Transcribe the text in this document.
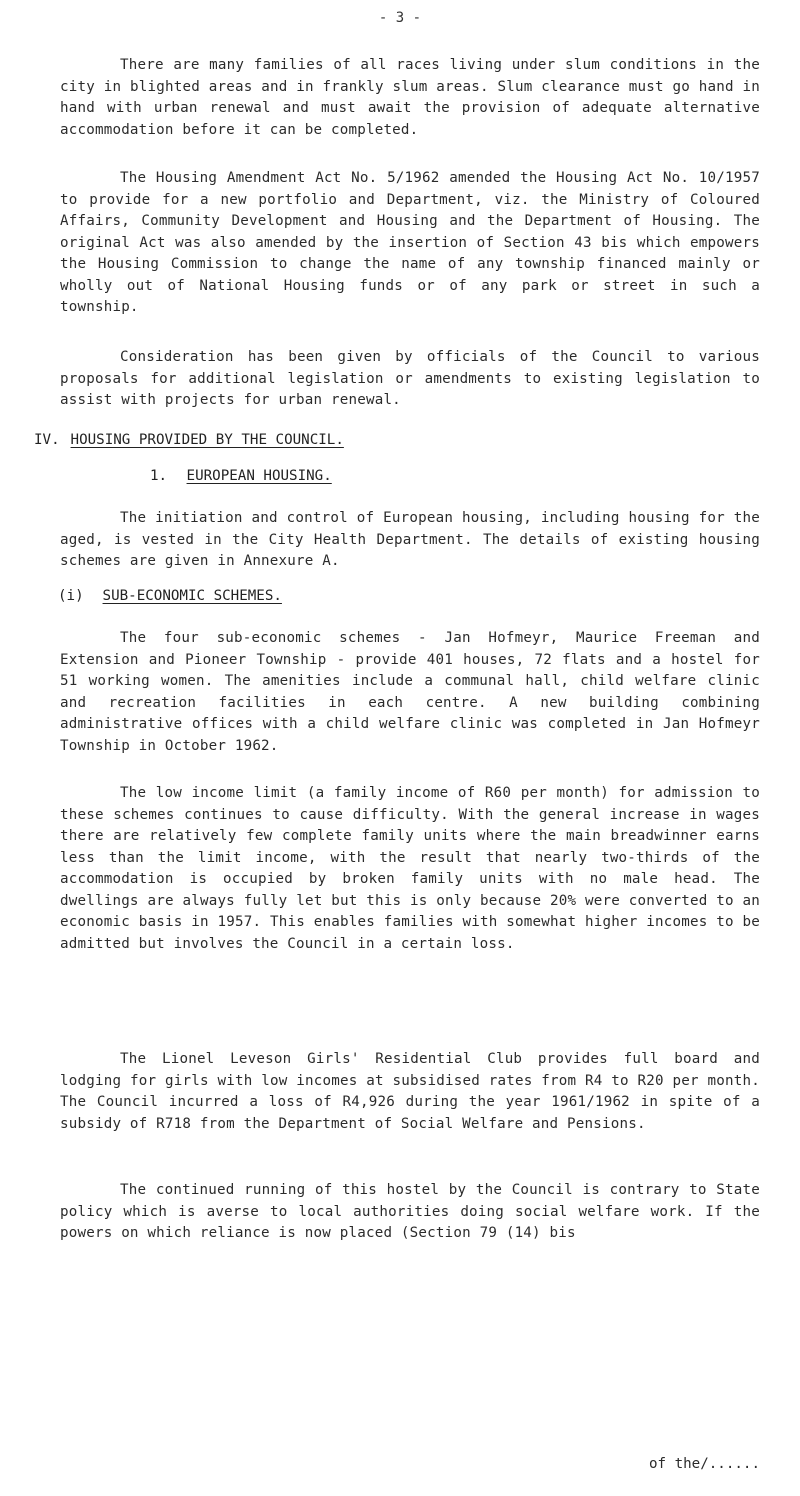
- 3 -

There are many families of all races living under slum conditions in the city in blighted areas and in frankly slum areas. Slum clearance must go hand in hand with urban renewal and must await the provision of adequate alternative accommodation before it can be completed.

The Housing Amendment Act No. 5/1962 amended the Housing Act No. 10/1957 to provide for a new portfolio and Department, viz. the Ministry of Coloured Affairs, Community Development and Housing and the Department of Housing. The original Act was also amended by the insertion of Section 43 bis which empowers the Housing Commission to change the name of any township financed mainly or wholly out of National Housing funds or of any park or street in such a township.

Consideration has been given by officials of the Council to various proposals for additional legislation or amendments to existing legislation to assist with projects for urban renewal.

IV. HOUSING PROVIDED BY THE COUNCIL.
1. EUROPEAN HOUSING.

The initiation and control of European housing, including housing for the aged, is vested in the City Health Department. The details of existing housing schemes are given in Annexure A.

(i) SUB-ECONOMIC SCHEMES.

The four sub-economic schemes - Jan Hofmeyr, Maurice Freeman and Extension and Pioneer Township - provide 401 houses, 72 flats and a hostel for 51 working women. The amenities include a communal hall, child welfare clinic and recreation facilities in each centre. A new building combining administrative offices with a child welfare clinic was completed in Jan Hofmeyr Township in October 1962.

The low income limit (a family income of R60 per month) for admission to these schemes continues to cause difficulty. With the general increase in wages there are relatively few complete family units where the main breadwinner earns less than the limit income, with the result that nearly two-thirds of the accommodation is occupied by broken family units with no male head. The dwellings are always fully let but this is only because 20% were converted to an economic basis in 1957. This enables families with somewhat higher incomes to be admitted but involves the Council in a certain loss.

The Lionel Leveson Girls' Residential Club provides full board and lodging for girls with low incomes at subsidised rates from R4 to R20 per month. The Council incurred a loss of R4,926 during the year 1961/1962 in spite of a subsidy of R718 from the Department of Social Welfare and Pensions.

The continued running of this hostel by the Council is contrary to State policy which is averse to local authorities doing social welfare work. If the powers on which reliance is now placed (Section 79 (14) bis

of the/......
